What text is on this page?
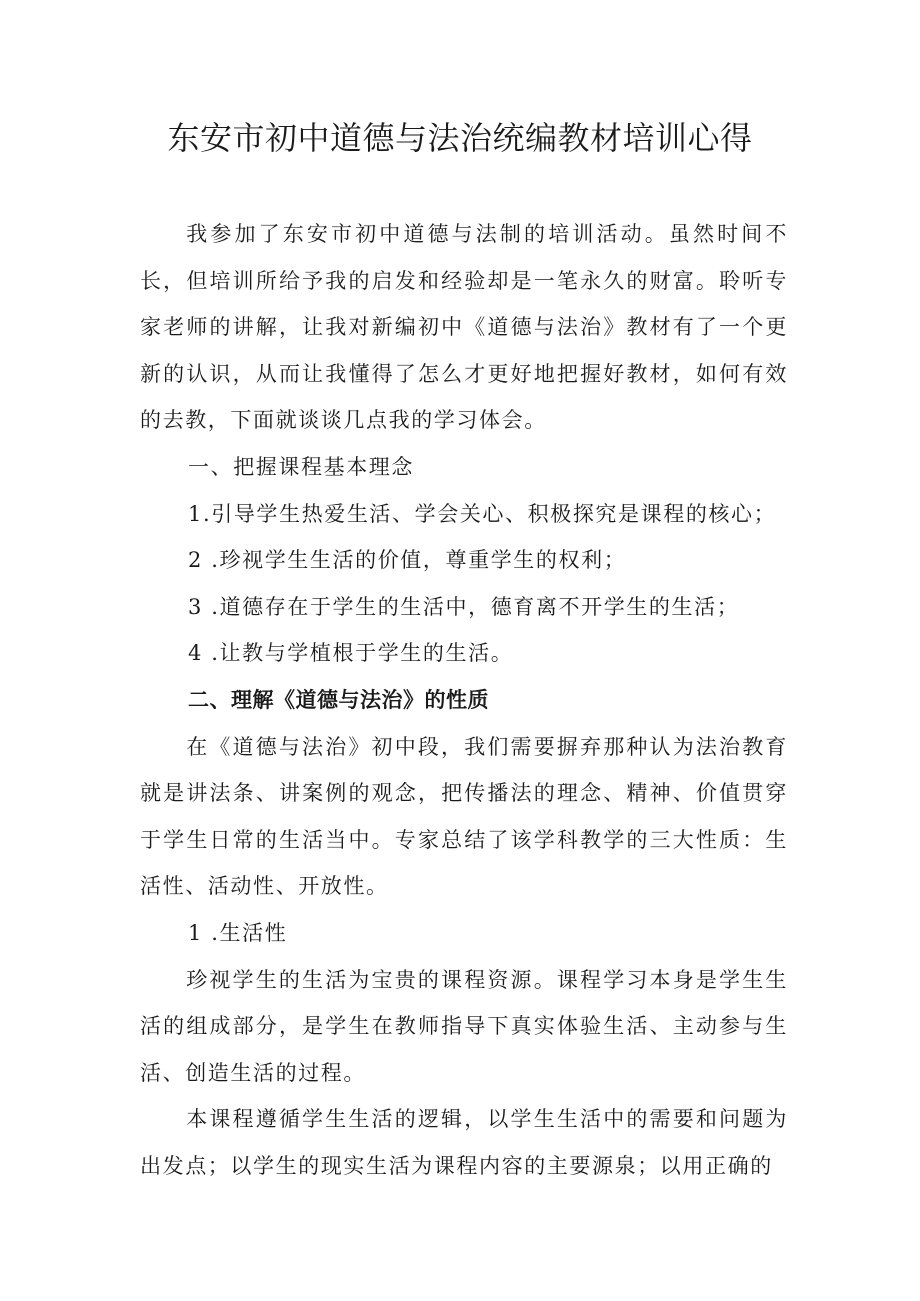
东安市初中道德与法治统编教材培训心得

我参加了东安市初中道德与法制的培训活动。虽然时间不长，但培训所给予我的启发和经验却是一笔永久的财富。聆听专家老师的讲解，让我对新编初中《道德与法治》教材有了一个更新的认识，从而让我懂得了怎么才更好地把握好教材，如何有效的去教，下面就谈谈几点我的学习体会。

一、把握课程基本理念

1.引导学生热爱生活、学会关心、积极探究是课程的核心；

2 .珍视学生生活的价值，尊重学生的权利；

3 .道德存在于学生的生活中，德育离不开学生的生活；

4 .让教与学植根于学生的生活。

二、理解《道德与法治》的性质

在《道德与法治》初中段，我们需要摒弃那种认为法治教育就是讲法条、讲案例的观念，把传播法的理念、精神、价值贯穿于学生日常的生活当中。专家总结了该学科教学的三大性质：生活性、活动性、开放性。

1 .生活性

珍视学生的生活为宝贵的课程资源。课程学习本身是学生生活的组成部分，是学生在教师指导下真实体验生活、主动参与生活、创造生活的过程。

本课程遵循学生生活的逻辑，以学生生活中的需要和问题为出发点；以学生的现实生活为课程内容的主要源泉；以用正确的
